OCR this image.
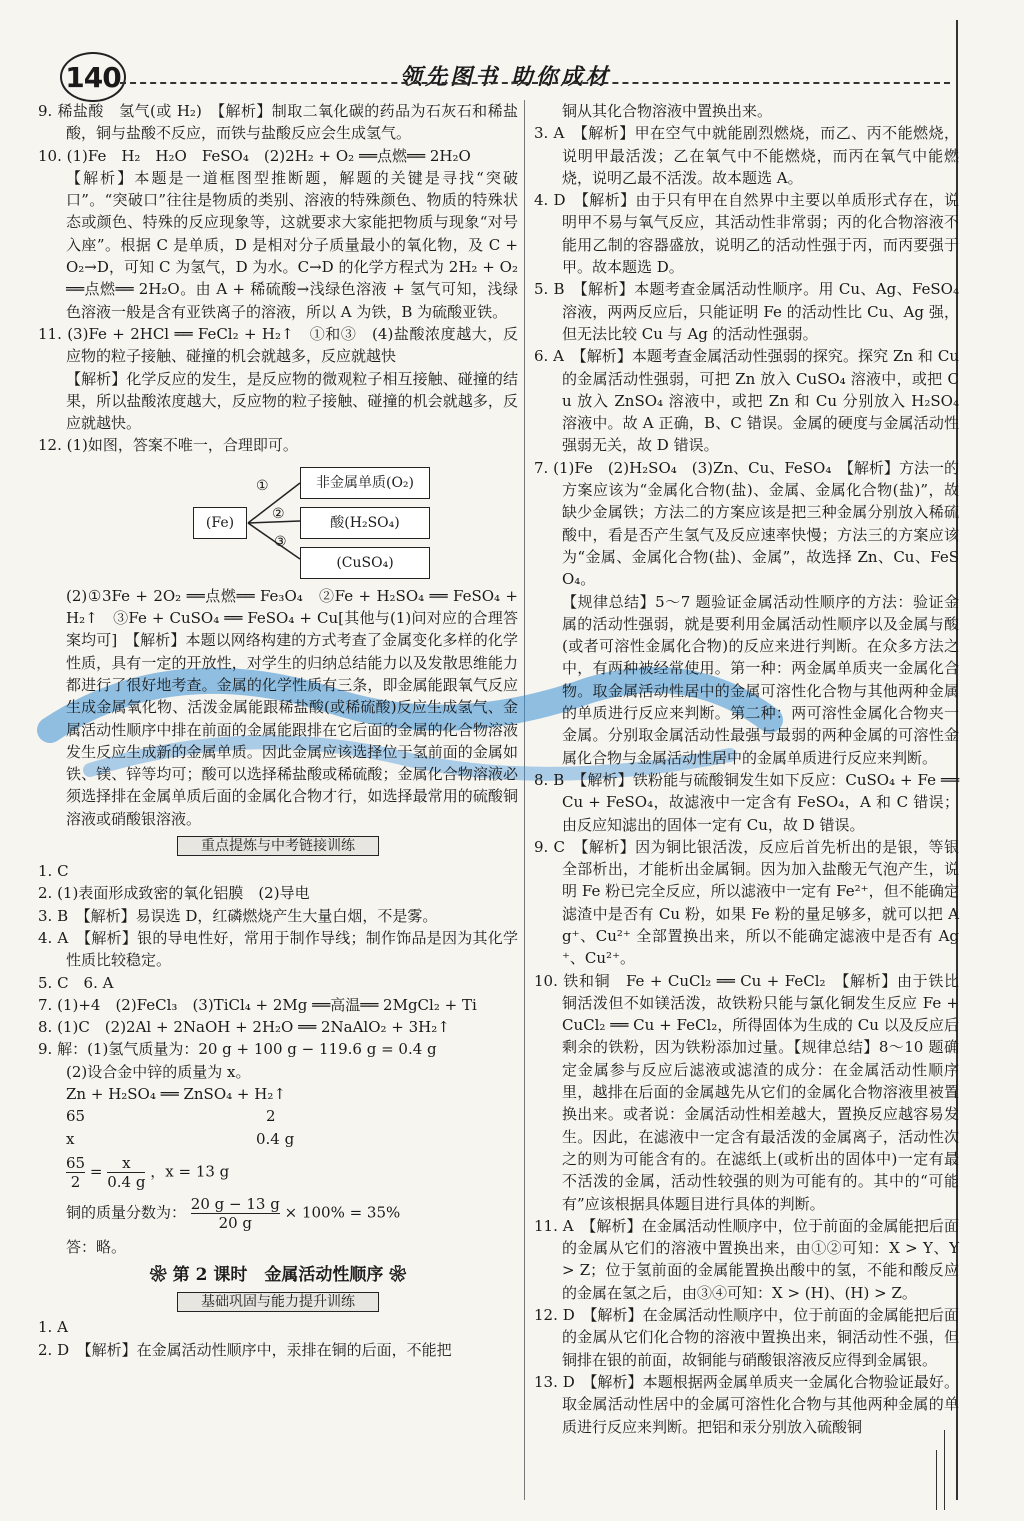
140	领先图书 助你成材

9. 稀盐酸　氢气(或 H₂)　【解析】制取二氧化碳的药品为石灰石和稀盐酸，铜与盐酸不反应，而铁与盐酸反应会生成氢气。

10. (1)Fe　H₂　H₂O　FeSO₄　(2)2H₂ + O₂ ══点燃══ 2H₂O

【解析】本题是一道框图型推断题，解题的关键是寻找“突破口”。“突破口”往往是物质的类别、溶液的特殊颜色、物质的特殊状态或颜色、特殊的反应现象等，这就要求大家能把物质与现象“对号入座”。根据 C 是单质，D 是相对分子质量最小的氧化物，及 C + O₂→D，可知 C 为氢气，D 为水。C→D 的化学方程式为 2H₂ + O₂ ══点燃══ 2H₂O。由 A + 稀硫酸→浅绿色溶液 + 氢气可知，浅绿色溶液一般是含有亚铁离子的溶液，所以 A 为铁，B 为硫酸亚铁。

11. (3)Fe + 2HCl ══ FeCl₂ + H₂↑　①和③　(4)盐酸浓度越大，反应物的粒子接触、碰撞的机会就越多，反应就越快

【解析】化学反应的发生，是反应物的微观粒子相互接触、碰撞的结果，所以盐酸浓度越大，反应物的粒子接触、碰撞的机会就越多，反应就越快。

12. (1)如图，答案不唯一，合理即可。

(Fe)
①
②
③
非金属单质(O₂)
酸(H₂SO₄)
(CuSO₄)

(2)①3Fe + 2O₂ ══点燃══ Fe₃O₄　②Fe + H₂SO₄ ══ FeSO₄ + H₂↑　③Fe + CuSO₄ ══ FeSO₄ + Cu[其他与(1)问对应的合理答案均可]　【解析】本题以网络构建的方式考查了金属变化多样的化学性质，具有一定的开放性，对学生的归纳总结能力以及发散思维能力都进行了很好地考查。金属的化学性质有三条，即金属能跟氧气反应生成金属氧化物、活泼金属能跟稀盐酸(或稀硫酸)反应生成氢气、金属活动性顺序中排在前面的金属能跟排在它后面的金属的化合物溶液发生反应生成新的金属单质。因此金属应该选择位于氢前面的金属如铁、镁、锌等均可；酸可以选择稀盐酸或稀硫酸；金属化合物溶液必须选择排在金属单质后面的金属化合物才行，如选择最常用的硫酸铜溶液或硝酸银溶液。

重点提炼与中考链接训练

1. C

2. (1)表面形成致密的氧化铝膜　(2)导电

3. B　【解析】易误选 D，红磷燃烧产生大量白烟，不是雾。

4. A　【解析】银的导电性好，常用于制作导线；制作饰品是因为其化学性质比较稳定。

5. C　6. A

7. (1)+4　(2)FeCl₃　(3)TiCl₄ + 2Mg ══高温══ 2MgCl₂ + Ti

8. (1)C　(2)2Al + 2NaOH + 2H₂O ══ 2NaAlO₂ + 3H₂↑

9. 解：(1)氢气质量为：20 g + 100 g − 119.6 g = 0.4 g

(2)设合金中锌的质量为 x。

Zn + H₂SO₄ ══ ZnSO₄ + H₂↑

65	2
x	0.4 g
$\frac{65}{2} = \frac{x}{0.4 g}$ ，x = 13 g
铜的质量分数为： $\frac{20 g - 13 g}{20 g} \times 100\% = 35\%$
答：略。
❀ 第 2 课时　金属活动性顺序 ❀
基础巩固与能力提升训练

1. A

2. D　【解析】在金属活动性顺序中，汞排在铜的后面，不能把

铜从其化合物溶液中置换出来。

3. A　【解析】甲在空气中就能剧烈燃烧，而乙、丙不能燃烧，说明甲最活泼；乙在氧气中不能燃烧，而丙在氧气中能燃烧，说明乙最不活泼。故本题选 A。

4. D　【解析】由于只有甲在自然界中主要以单质形式存在，说明甲不易与氧气反应，其活动性非常弱；丙的化合物溶液不能用乙制的容器盛放，说明乙的活动性强于丙，而丙要强于甲。故本题选 D。

5. B　【解析】本题考查金属活动性顺序。用 Cu、Ag、FeSO₄ 溶液，两两反应后，只能证明 Fe 的活动性比 Cu、Ag 强，但无法比较 Cu 与 Ag 的活动性强弱。

6. A　【解析】本题考查金属活动性强弱的探究。探究 Zn 和 Cu 的金属活动性强弱，可把 Zn 放入 CuSO₄ 溶液中，或把 Cu 放入 ZnSO₄ 溶液中，或把 Zn 和 Cu 分别放入 H₂SO₄ 溶液中。故 A 正确，B、C 错误。金属的硬度与金属活动性强弱无关，故 D 错误。

7. (1)Fe　(2)H₂SO₄　(3)Zn、Cu、FeSO₄　【解析】方法一的方案应该为“金属化合物(盐)、金属、金属化合物(盐)”，故缺少金属铁；方法二的方案应该是把三种金属分别放入稀硫酸中，看是否产生氢气及反应速率快慢；方法三的方案应该为“金属、金属化合物(盐)、金属”，故选择 Zn、Cu、FeSO₄。

【规律总结】5～7 题验证金属活动性顺序的方法：验证金属的活动性强弱，就是要利用金属活动性顺序以及金属与酸(或者可溶性金属化合物)的反应来进行判断。在众多方法之中，有两种被经常使用。第一种：两金属单质夹一金属化合物。取金属活动性居中的金属可溶性化合物与其他两种金属的单质进行反应来判断。第二种：两可溶性金属化合物夹一金属。分别取金属活动性最强与最弱的两种金属的可溶性金属化合物与金属活动性居中的金属单质进行反应来判断。

8. B　【解析】铁粉能与硫酸铜发生如下反应：CuSO₄ + Fe ══ Cu + FeSO₄，故滤液中一定含有 FeSO₄，A 和 C 错误；由反应知滤出的固体一定有 Cu，故 D 错误。

9. C　【解析】因为铜比银活泼，反应后首先析出的是银，等银全部析出，才能析出金属铜。因为加入盐酸无气泡产生，说明 Fe 粉已完全反应，所以滤液中一定有 Fe²⁺，但不能确定滤渣中是否有 Cu 粉，如果 Fe 粉的量足够多，就可以把 Ag⁺、Cu²⁺ 全部置换出来，所以不能确定滤液中是否有 Ag⁺、Cu²⁺。

10. 铁和铜　Fe + CuCl₂ ══ Cu + FeCl₂　【解析】由于铁比铜活泼但不如镁活泼，故铁粉只能与氯化铜发生反应 Fe + CuCl₂ ══ Cu + FeCl₂，所得固体为生成的 Cu 以及反应后剩余的铁粉，因为铁粉添加过量。【规律总结】8～10 题确定金属参与反应后滤液或滤渣的成分：在金属活动性顺序里，越排在后面的金属越先从它们的金属化合物溶液里被置换出来。或者说：金属活动性相差越大，置换反应越容易发生。因此，在滤液中一定含有最活泼的金属离子，活动性次之的则为可能含有的。在滤纸上(或析出的固体中)一定有最不活泼的金属，活动性较强的则为可能有的。其中的“可能有”应该根据具体题目进行具体的判断。

11. A　【解析】在金属活动性顺序中，位于前面的金属能把后面的金属从它们的溶液中置换出来，由①②可知：X > Y、Y > Z；位于氢前面的金属能置换出酸中的氢，不能和酸反应的金属在氢之后，由③④可知：X > (H)、(H) > Z。

12. D　【解析】在金属活动性顺序中，位于前面的金属能把后面的金属从它们化合物的溶液中置换出来，铜活动性不强，但铜排在银的前面，故铜能与硝酸银溶液反应得到金属银。

13. D　【解析】本题根据两金属单质夹一金属化合物验证最好。取金属活动性居中的金属可溶性化合物与其他两种金属的单质进行反应来判断。把铝和汞分别放入硫酸铜
